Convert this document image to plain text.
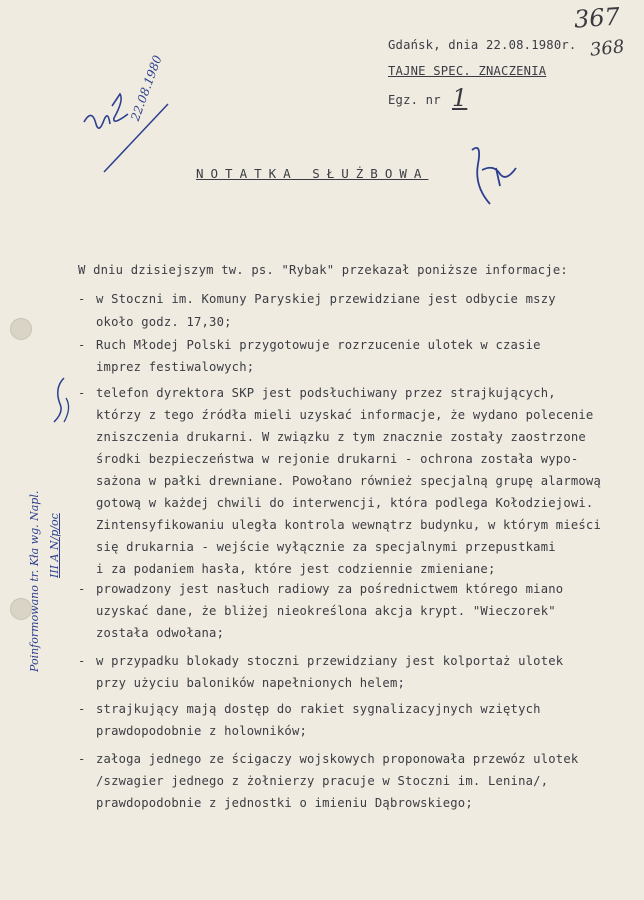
367
368
Gdańsk, dnia 22.08.1980r.
TAJNE SPEC. ZNACZENIA
Egz. nr 1
22.08.1980
Poinformowano tr. Kła wg. Napl. III A N/p/oc
NOTATKA SŁUŻBOWA
W dniu dzisiejszym tw. ps. "Rybak" przekazał poniższe informacje:
- w Stoczni im. Komuny Paryskiej przewidziane jest odbycie mszy
około godz. 17,30;
- Ruch Młodej Polski przygotowuje rozrzucenie ulotek w czasie
imprez festiwalowych;
- telefon dyrektora SKP jest podsłuchiwany przez strajkujących,
którzy z tego źródła mieli uzyskać informacje, że wydano polecenie
zniszczenia drukarni. W związku z tym znacznie zostały zaostrzone
środki bezpieczeństwa w rejonie drukarni - ochrona została wypo-
sażona w pałki drewniane. Powołano również specjalną grupę alarmową
gotową w każdej chwili do interwencji, która podlega Kołodziejowi.
Zintensyfikowaniu uległa kontrola wewnątrz budynku, w którym mieści
się drukarnia - wejście wyłącznie za specjalnymi przepustkami
i za podaniem hasła, które jest codziennie zmieniane;
- prowadzony jest nasłuch radiowy za pośrednictwem którego miano
uzyskać dane, że bliżej nieokreślona akcja krypt. "Wieczorek"
została odwołana;
- w przypadku blokady stoczni przewidziany jest kolportaż ulotek
przy użyciu baloników napełnionych helem;
- strajkujący mają dostęp do rakiet sygnalizacyjnych wziętych
prawdopodobnie z holowników;
- załoga jednego ze ścigaczy wojskowych proponowała przewóz ulotek
/szwagier jednego z żołnierzy pracuje w Stoczni im. Lenina/,
prawdopodobnie z jednostki o imieniu Dąbrowskiego;
